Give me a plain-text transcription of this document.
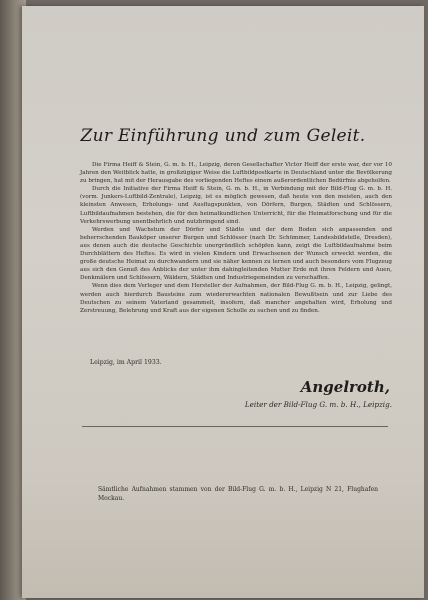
Zur Einführung und zum Geleit.

Die Firma Heiff & Stein, G. m. b. H., Leipzig, deren Gesellschafter Victor Heiff der erste war, der vor 10 Jahren den Weitblick hatte, in großzügiger Weise die Luftbildpostkarte in Deutschland unter die Bevölkerung zu bringen, hat mit der Herausgabe des vorliegenden Heftes einem außerordentlichen Bedürfnis abgeholfen.

Durch die Initiative der Firma Heiff & Stein, G. m. b. H., in Verbindung mit der Bild-Flug G. m. b. H. (vorm. Junkers-Luftbild-Zentrale), Leipzig, ist es möglich gewesen, daß heute von den meisten, auch den kleinsten Anwesen, Erholungs- und Ausflugspunkten, von Dörfern, Burgen, Städten und Schlössern, Luftbildaufnahmen bestehen, die für den heimatkundlichen Unterricht, für die Heimatforschung und für die Verkehrswerbung unentbehrlich und nutzbringend sind.

Werden und Wachstum der Dörfer und Städte und der dem Boden sich anpassenden und beherrschenden Bauköper unserer Burgen und Schlösser (nach Dr. Schümmer, Landesbildstelle, Dresden), aus denen auch die deutsche Geschichte unergründlich schöpfen kann, zeigt die Luftbildaufnahme beim Durchblättern des Heftes. Es wird in vielen Kindern und Erwachsenen der Wunsch erweckt werden, die große deutsche Heimat zu durchwandern und sie näher kennen zu lernen und auch besonders vom Flugzeug aus sich den Genuß des Anblicks der unter ihm dahingleitenden Mutter Erde mit ihren Feldern und Auen, Denkmälern und Schlössern, Wäldern, Städten und Industriegemeinden zu verschaffen.

Wenn dies dem Verleger und dem Hersteller der Aufnahmen, der Bild-Flug G. m. b. H., Leipzig, gelingt, werden auch hierdurch Bausteine zum wiedererwachten nationalen Bewußtsein und zur Liebe des Deutschen zu seinem Vaterland gesammelt, insofern, daß mancher angehalten wird, Erholung und Zerstreuung, Belehrung und Kraft aus der eigenen Scholle zu suchen und zu finden.

Leipzig, im April 1933.
Angelroth,
Leiter der Bild-Flug G. m. b. H., Leipzig.

Sämtliche Aufnahmen stammen von der Bild-Flug G. m. b. H., Leipzig N 21, Flughafen Mockau.
